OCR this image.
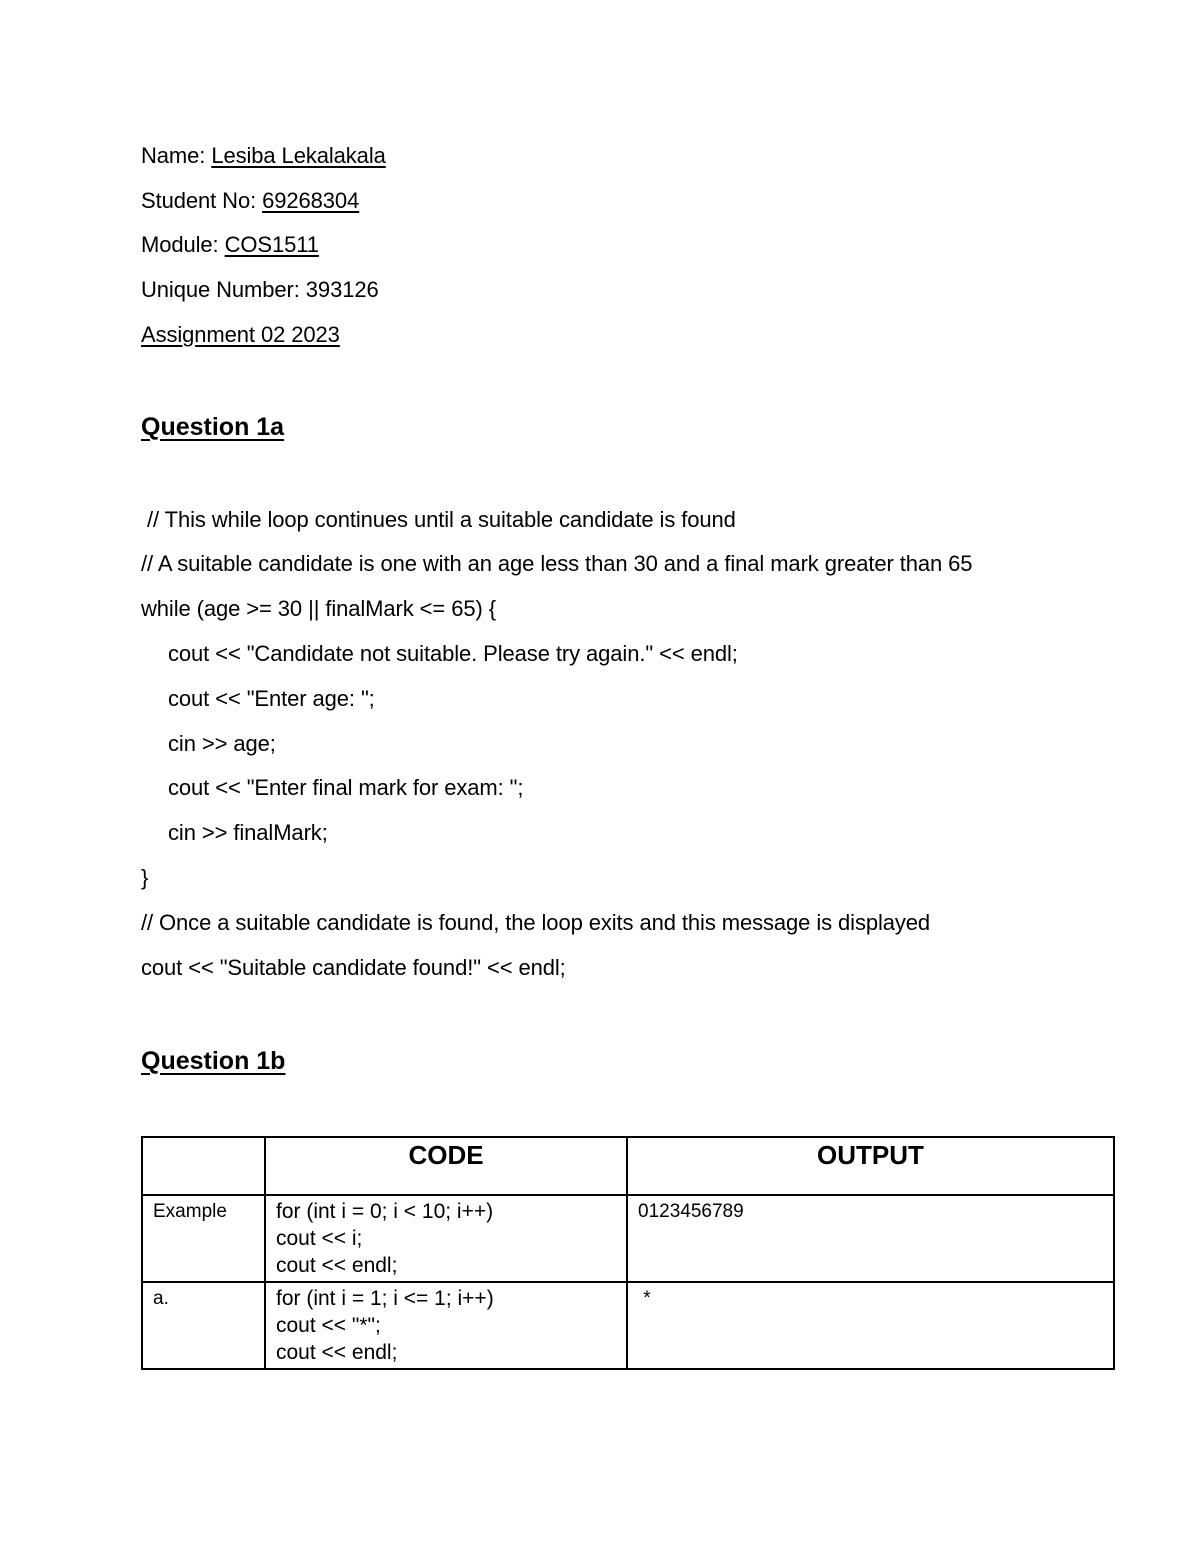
Name: Lesiba Lekalakala
Student No: 69268304
Module: COS1511
Unique Number: 393126
Assignment 02 2023
Question 1a
// This while loop continues until a suitable candidate is found
// A suitable candidate is one with an age less than 30 and a final mark greater than 65
while (age >= 30 || finalMark <= 65) {
cout << "Candidate not suitable. Please try again." << endl;
cout << "Enter age: ";
cin >> age;
cout << "Enter final mark for exam: ";
cin >> finalMark;
}
// Once a suitable candidate is found, the loop exits and this message is displayed
cout << "Suitable candidate found!" << endl;
Question 1b
	CODE	OUTPUT
Example	for (int i = 0; i < 10; i++)
cout << i;
cout << endl;	0123456789
a.	for (int i = 1; i <= 1; i++)
cout << "*";
cout << endl;	*
